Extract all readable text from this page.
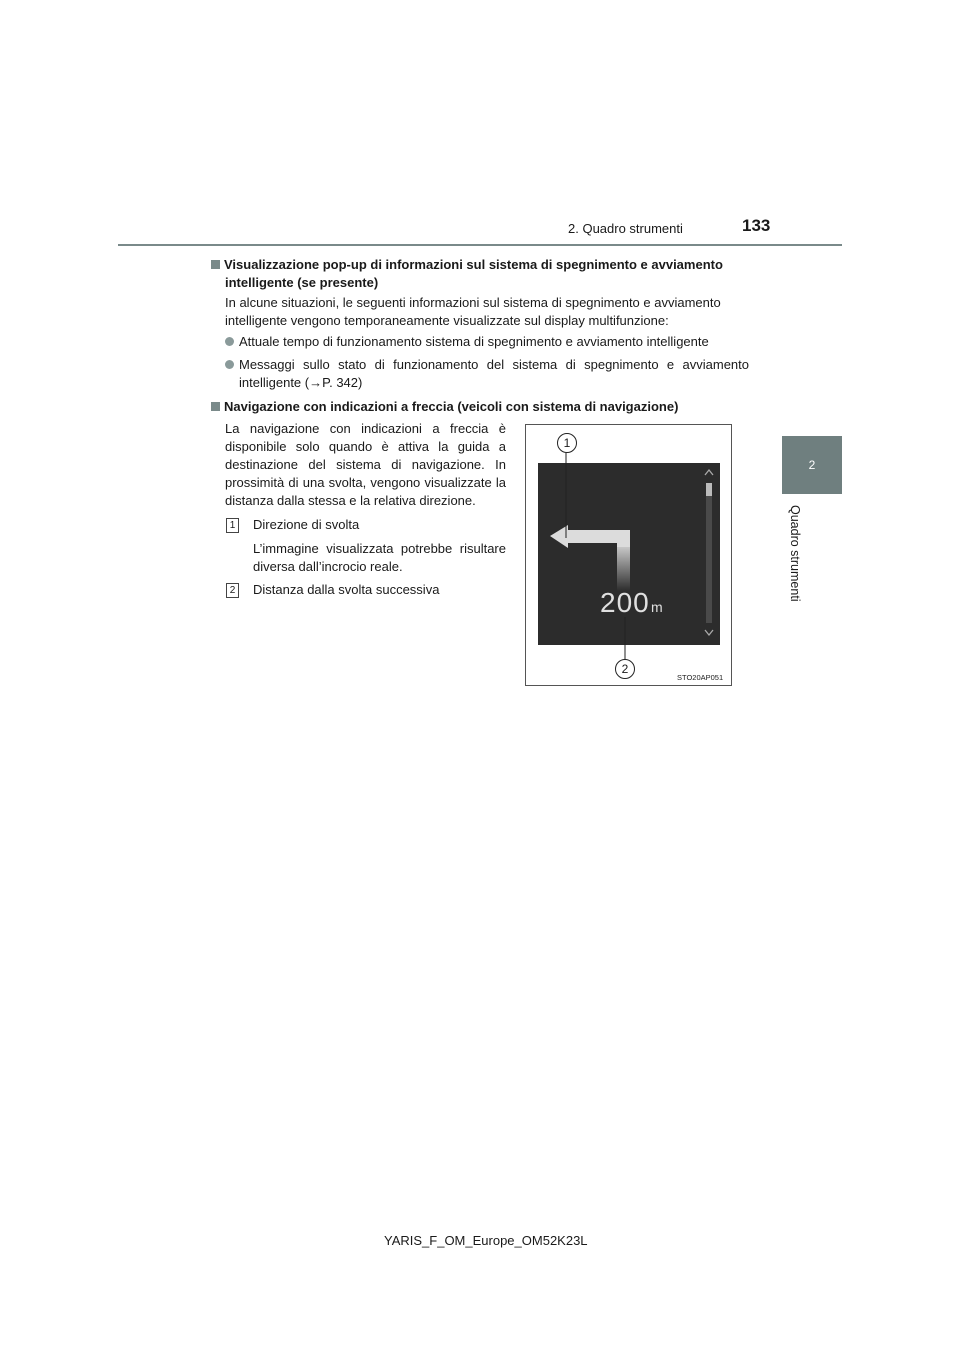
2. Quadro strumenti	133
2
Quadro strumenti
Visualizzazione pop-up di informazioni sul sistema di spegnimento e avviamento
intelligente (se presente)
In alcune situazioni, le seguenti informazioni sul sistema di spegnimento e avviamento
intelligente vengono temporaneamente visualizzate sul display multifunzione:
Attuale tempo di funzionamento sistema di spegnimento e avviamento intelligente
Messaggi sullo stato di funzionamento del sistema di spegnimento e avviamento intelligente (→P. 342)
Navigazione con indicazioni a freccia (veicoli con sistema di navigazione)
La navigazione con indicazioni a freccia è disponibile solo quando è attiva la guida a destinazione del sistema di navigazione. In prossimità di una svolta, vengono visualizzate la distanza dalla stessa e la relativa direzione.
1 Direzione di svolta
L’immagine visualizzata potrebbe risultare diversa dall’incrocio reale.
2 Distanza dalla svolta successiva	200 m
1
2
STO20AP051
YARIS_F_OM_Europe_OM52K23L
